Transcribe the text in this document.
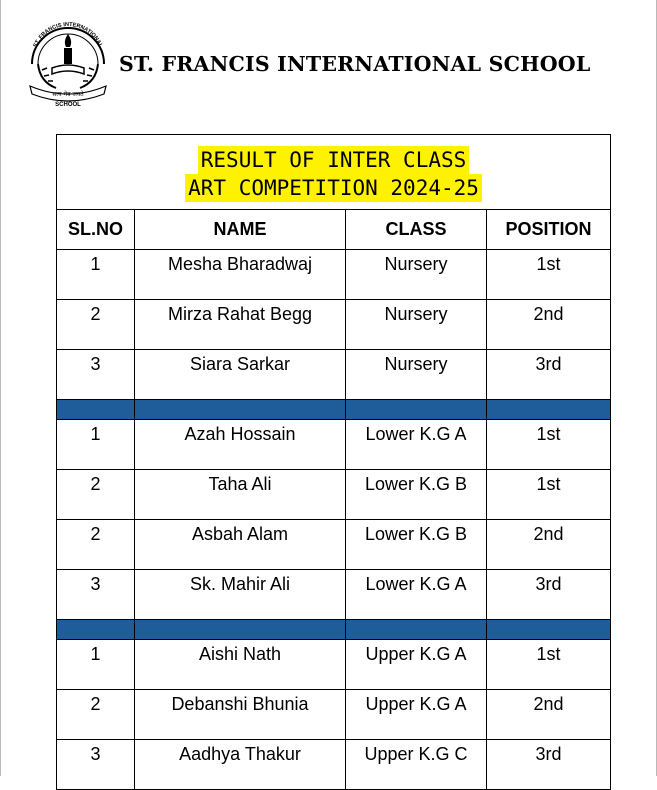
ST. FRANCIS INTERNATIONAL
सत्य मेव जयते
SCHOOL
ST. FRANCIS INTERNATIONAL SCHOOL
RESULT OF INTER CLASS
ART COMPETITION 2024-25			
SL.NO	NAME	CLASS	POSITION
1	Mesha Bharadwaj	Nursery	1st
2	Mirza Rahat Begg	Nursery	2nd
3	Siara Sarkar	Nursery	3rd

1	Azah Hossain	Lower K.G A	1st
2	Taha Ali	Lower K.G B	1st
2	Asbah Alam	Lower K.G B	2nd
3	Sk. Mahir Ali	Lower K.G A	3rd

1	Aishi Nath	Upper K.G A	1st
2	Debanshi Bhunia	Upper K.G A	2nd
3	Aadhya Thakur	Upper K.G C	3rd
